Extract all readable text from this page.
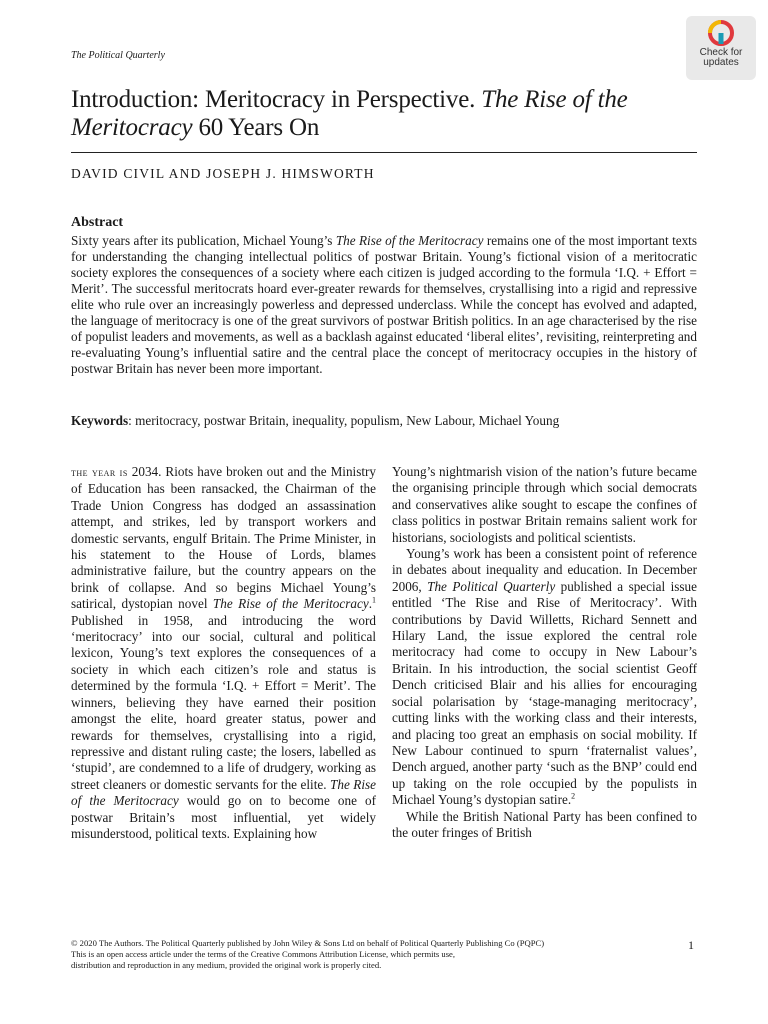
The Political Quarterly	Check for
updates
Introduction: Meritocracy in Perspective. The Rise of the Meritocracy 60 Years On
DAVID CIVIL AND JOSEPH J. HIMSWORTH
Abstract
Sixty years after its publication, Michael Young’s The Rise of the Meritocracy remains one of the most important texts for understanding the changing intellectual politics of postwar Britain. Young’s fictional vision of a meritocratic society explores the consequences of a society where each citizen is judged according to the formula ‘I.Q. + Effort = Merit’. The successful meritocrats hoard ever-greater rewards for themselves, crystallising into a rigid and repressive elite who rule over an increasingly powerless and depressed underclass. While the concept has evolved and adapted, the language of meritocracy is one of the great survivors of postwar British politics. In an age characterised by the rise of populist leaders and movements, as well as a backlash against educated ‘liberal elites’, revisiting, reinterpreting and re-evaluating Young’s influential satire and the central place the concept of meritocracy occupies in the history of postwar Britain has never been more important.
Keywords: meritocracy, postwar Britain, inequality, populism, New Labour, Michael Young

the year is 2034. Riots have broken out and the Ministry of Education has been ransacked, the Chairman of the Trade Union Congress has dodged an assassination attempt, and strikes, led by transport workers and domestic servants, engulf Britain. The Prime Minister, in his statement to the House of Lords, blames administrative failure, but the country appears on the brink of collapse. And so begins Michael Young’s satirical, dystopian novel The Rise of the Meritocracy.$^1$ Published in 1958, and introducing the word ‘meritocracy’ into our social, cultural and political lexicon, Young’s text explores the consequences of a society in which each citizen’s role and status is determined by the formula ‘I.Q. + Effort = Merit’. The winners, believing they have earned their position amongst the elite, hoard greater status, power and rewards for themselves, crystallising into a rigid, repressive and distant ruling caste; the losers, labelled as ‘stupid’, are condemned to a life of drudgery, working as street cleaners or domestic servants for the elite. The Rise of the Meritocracy would go on to become one of postwar Britain’s most influential, yet widely misunderstood, political texts. Explaining how

Young’s nightmarish vision of the nation’s future became the organising principle through which social democrats and conservatives alike sought to escape the confines of class politics in postwar Britain remains salient work for historians, sociologists and political scientists.

Young’s work has been a consistent point of reference in debates about inequality and education. In December 2006, The Political Quarterly published a special issue entitled ‘The Rise and Rise of Meritocracy’. With contributions by David Willetts, Richard Sennett and Hilary Land, the issue explored the central role meritocracy had come to occupy in New Labour’s Britain. In his introduction, the social scientist Geoff Dench criticised Blair and his allies for encouraging social polarisation by ‘stage-managing meritocracy’, cutting links with the working class and their interests, and placing too great an emphasis on social mobility. If New Labour continued to spurn ‘fraternalist values’, Dench argued, another party ‘such as the BNP’ could end up taking on the role occupied by the populists in Michael Young’s dystopian satire.$^2$

While the British National Party has been confined to the outer fringes of British

© 2020 The Authors. The Political Quarterly published by John Wiley & Sons Ltd on behalf of Political Quarterly Publishing Co (PQPC)
This is an open access article under the terms of the Creative Commons Attribution License, which permits use,
distribution and reproduction in any medium, provided the original work is properly cited.
1
